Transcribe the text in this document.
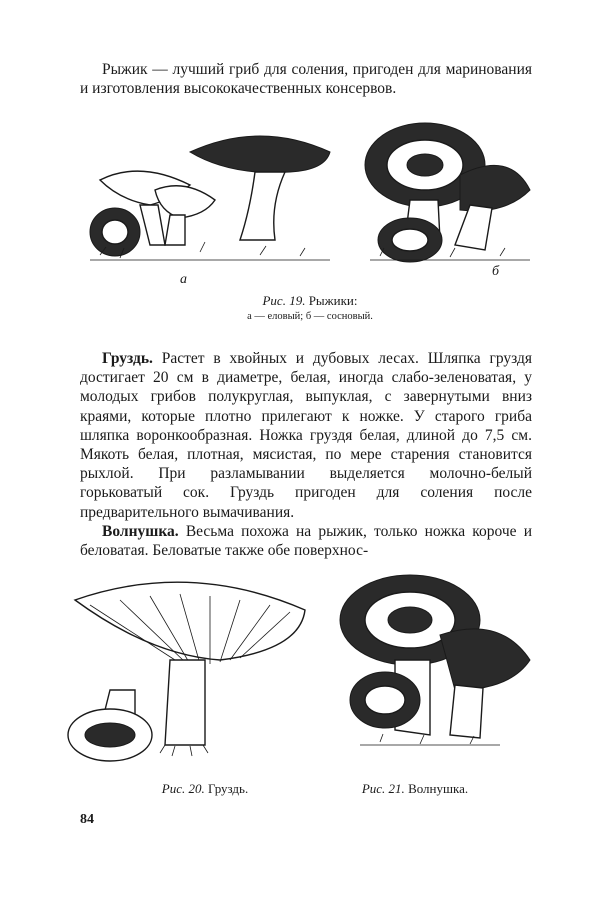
Рыжик — лучший гриб для соления, пригоден для маринования и изготовления высококачественных консервов.

а
б
Рис. 19. Рыжики:
а — еловый; б — сосновый.

Груздь. Растет в хвойных и дубовых лесах. Шляпка груздя достигает 20 см в диаметре, белая, иногда слабо-зеленоватая, у молодых грибов полукруглая, выпуклая, с завернутыми вниз краями, которые плотно прилегают к ножке. У старого гриба шляпка воронкообразная. Ножка груздя белая, длиной до 7,5 см. Мякоть белая, плотная, мясистая, по мере старения становится рыхлой. При разламывании выделяется молочно-белый горьковатый сок. Груздь пригоден для соления после предварительного вымачивания.
Волнушка. Весьма похожа на рыжик, только ножка короче и беловатая. Беловатые также обе поверхнос-

Рис. 20. Груздь.	Рис. 21. Волнушка.
84
